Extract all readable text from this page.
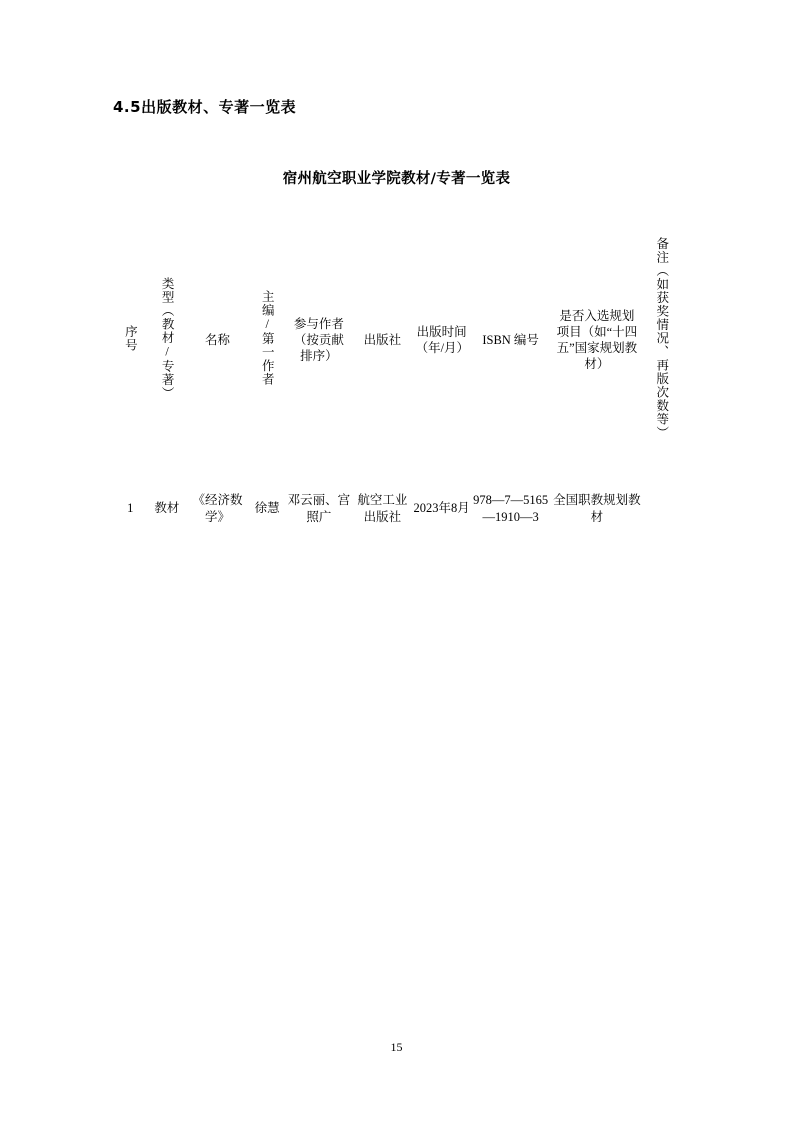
4.5出版教材、专著一览表
宿州航空职业学院教材/专著一览表									
序号	类型（教材/专著）	名称	主编/第一作者	参与作者（按贡献排序）	出版社	出版时间（年/月）	ISBN 编号	是否入选规划项目（如“十四五”国家规划教材）	备注（如获奖情况、再版次数等）
1	教材	《经济数学》	徐慧	邓云丽、宫照广	航空工业出版社	2023年8月	978—7—5165—1910—3	全国职教规划教材	
15
